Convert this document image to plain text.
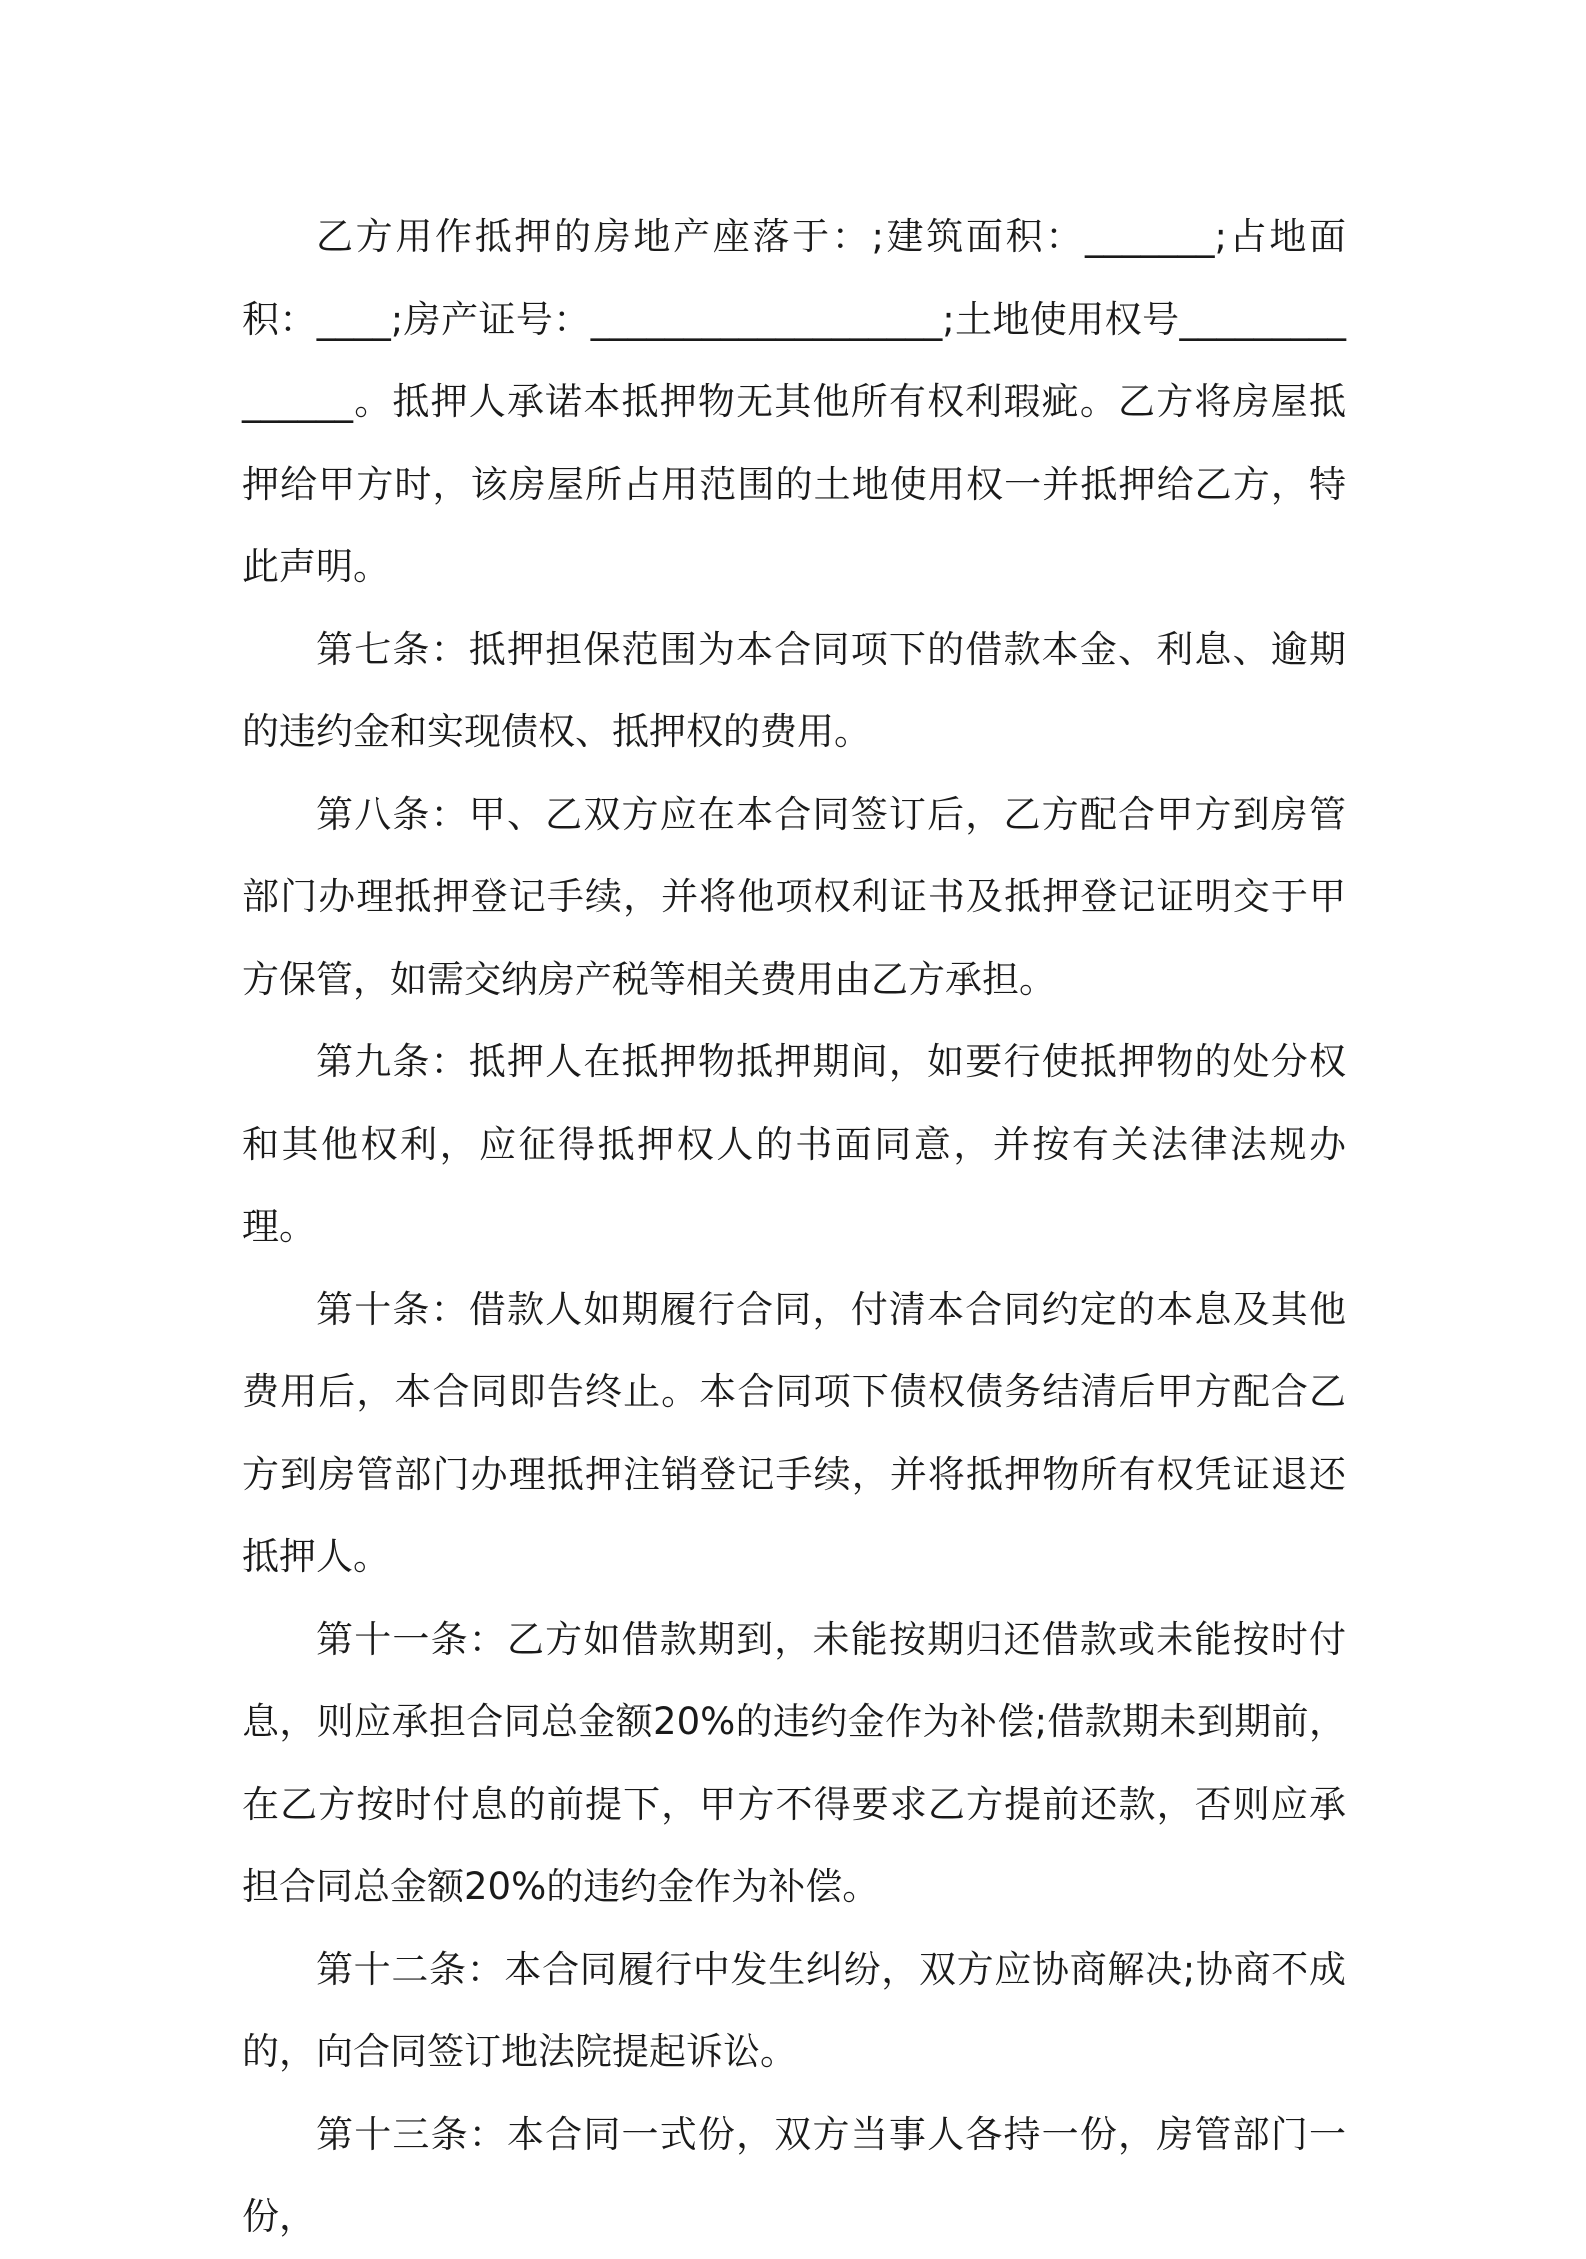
乙方用作抵押的房地产座落于：;建筑面积：_______;占地面积：____;房产证号：___________________;土地使用权号_______________。抵押人承诺本抵押物无其他所有权利瑕疵。乙方将房屋抵押给甲方时，该房屋所占用范围的土地使用权一并抵押给乙方，特此声明。

第七条：抵押担保范围为本合同项下的借款本金、利息、逾期的违约金和实现债权、抵押权的费用。

第八条：甲、乙双方应在本合同签订后，乙方配合甲方到房管部门办理抵押登记手续，并将他项权利证书及抵押登记证明交于甲方保管，如需交纳房产税等相关费用由乙方承担。

第九条：抵押人在抵押物抵押期间，如要行使抵押物的处分权和其他权利，应征得抵押权人的书面同意，并按有关法律法规办理。

第十条：借款人如期履行合同，付清本合同约定的本息及其他费用后，本合同即告终止。本合同项下债权债务结清后甲方配合乙方到房管部门办理抵押注销登记手续，并将抵押物所有权凭证退还抵押人。

第十一条：乙方如借款期到，未能按期归还借款或未能按时付息，则应承担合同总金额20%的违约金作为补偿;借款期未到期前，在乙方按时付息的前提下，甲方不得要求乙方提前还款，否则应承担合同总金额20%的违约金作为补偿。

第十二条：本合同履行中发生纠纷，双方应协商解决;协商不成的，向合同签订地法院提起诉讼。

第十三条：本合同一式份，双方当事人各持一份，房管部门一份，
